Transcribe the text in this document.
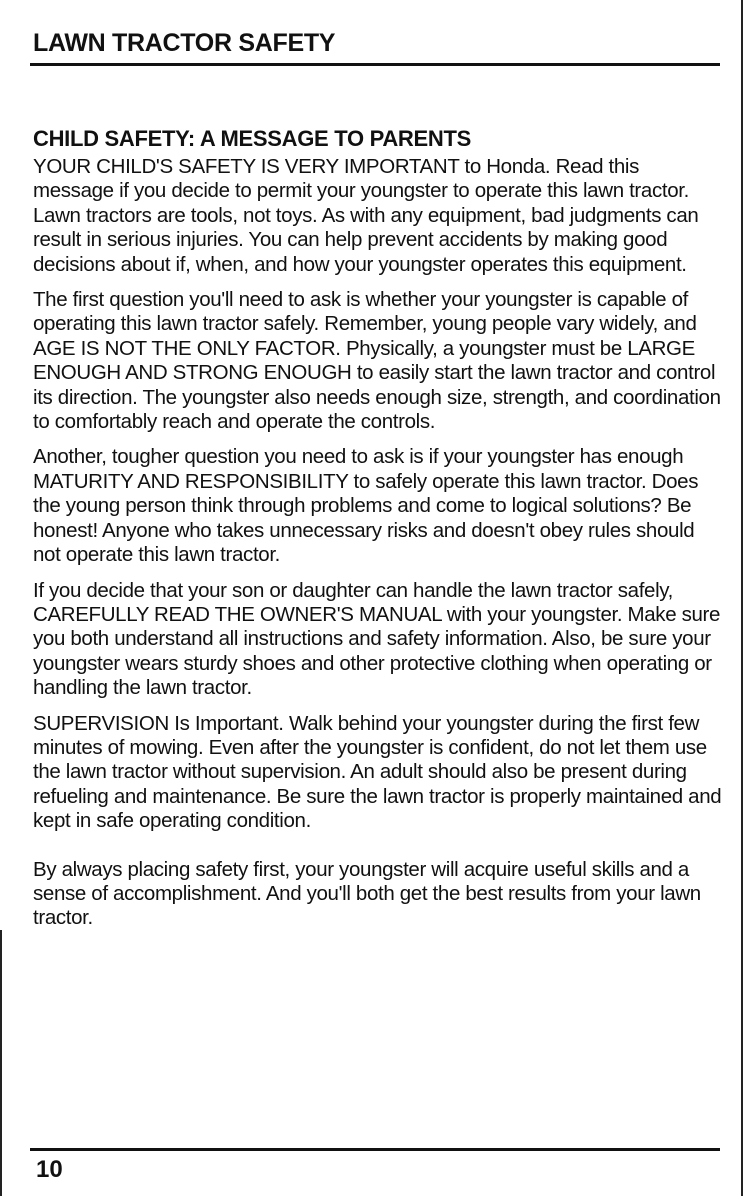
LAWN TRACTOR SAFETY
CHILD SAFETY: A MESSAGE TO PARENTS

YOUR CHILD'S SAFETY IS VERY IMPORTANT to Honda. Read this message if you decide to permit your youngster to operate this lawn tractor. Lawn tractors are tools, not toys. As with any equipment, bad judgments can result in serious injuries. You can help prevent accidents by making good decisions about if, when, and how your youngster operates this equipment.

The first question you'll need to ask is whether your youngster is capable of operating this lawn tractor safely. Remember, young people vary widely, and AGE IS NOT THE ONLY FACTOR. Physically, a youngster must be LARGE ENOUGH AND STRONG ENOUGH to easily start the lawn tractor and control its direction. The youngster also needs enough size, strength, and coordination to comfortably reach and operate the controls.

Another, tougher question you need to ask is if your youngster has enough MATURITY AND RESPONSIBILITY to safely operate this lawn tractor. Does the young person think through problems and come to logical solutions? Be honest! Anyone who takes unnecessary risks and doesn't obey rules should not operate this lawn tractor.

If you decide that your son or daughter can handle the lawn tractor safely, CAREFULLY READ THE OWNER'S MANUAL with your youngster. Make sure you both understand all instructions and safety information. Also, be sure your youngster wears sturdy shoes and other protective clothing when operating or handling the lawn tractor.

SUPERVISION Is Important. Walk behind your youngster during the first few minutes of mowing. Even after the youngster is confident, do not let them use the lawn tractor without supervision. An adult should also be present during refueling and maintenance. Be sure the lawn tractor is properly maintained and kept in safe operating condition.

By always placing safety first, your youngster will acquire useful skills and a sense of accomplishment. And you'll both get the best results from your lawn tractor.

10
